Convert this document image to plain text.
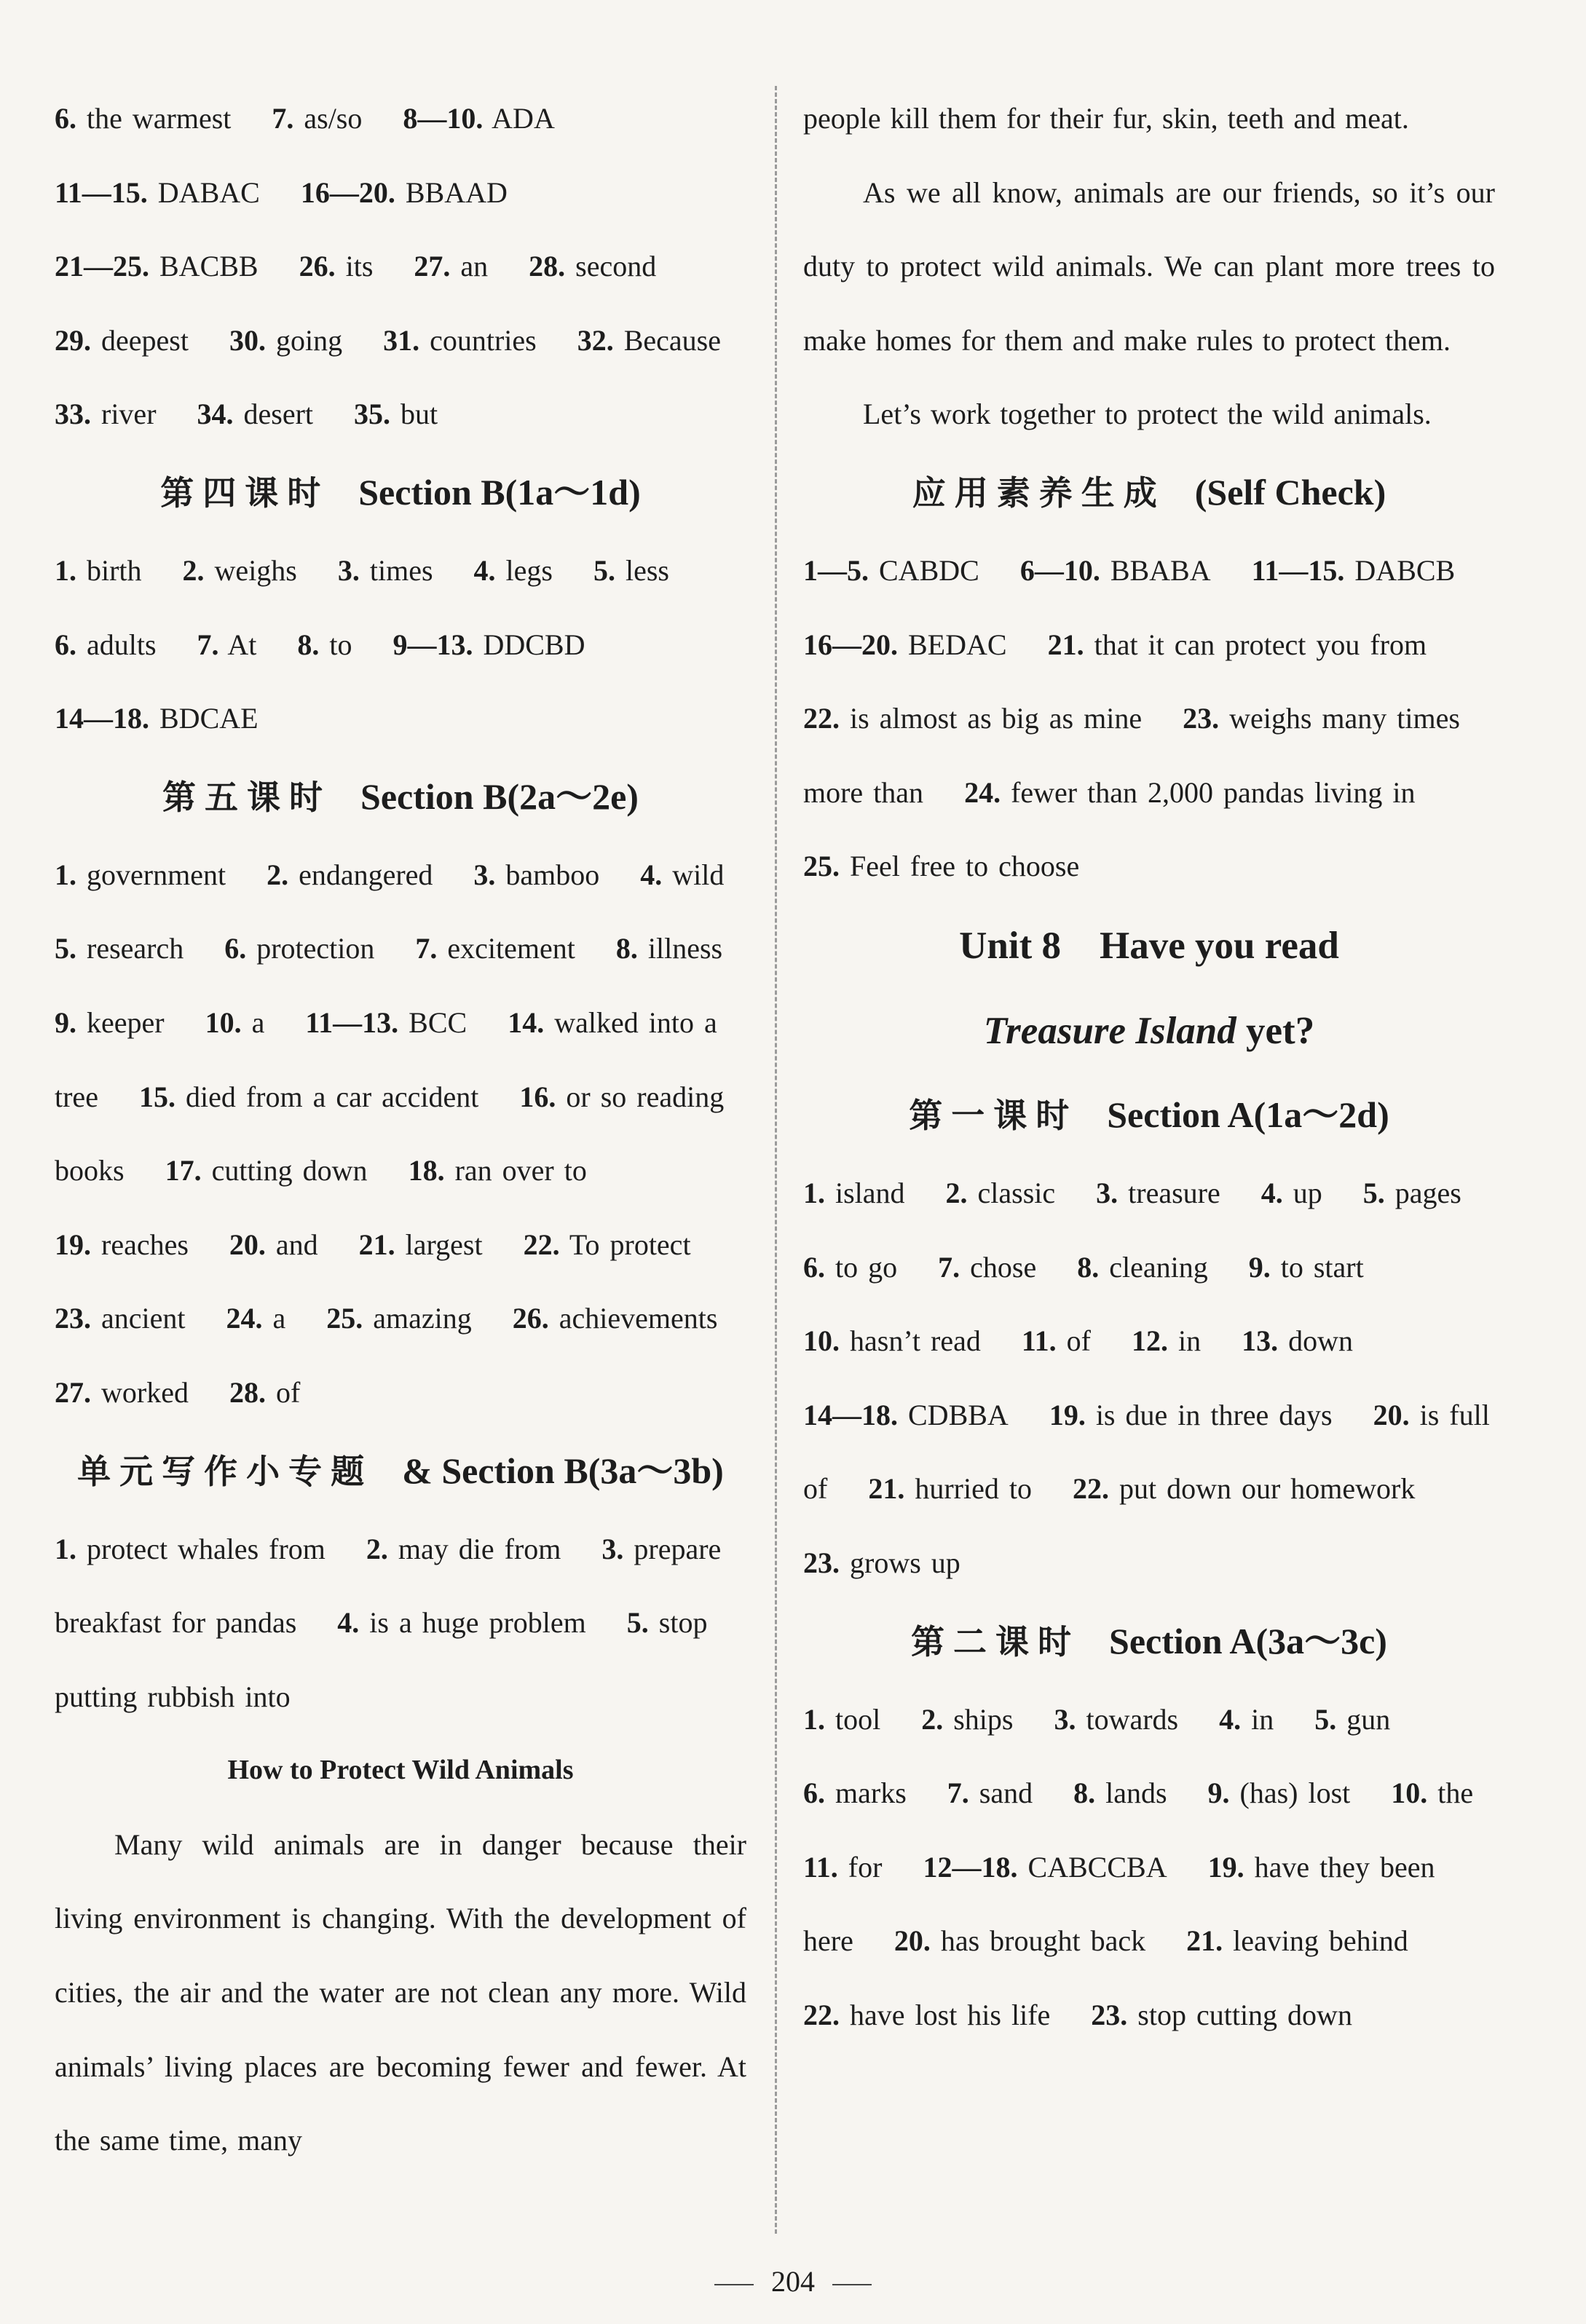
6. the warmest    7. as/so    8—10. ADA
11—15. DABAC    16—20. BBAAD
21—25. BACBB    26. its    27. an    28. second
29. deepest    30. going    31. countries    32. Because
33. river    34. desert    35. but
第四课时 Section B(1a～1d)
1. birth    2. weighs    3. times    4. legs    5. less
6. adults    7. At    8. to    9—13. DDCBD
14—18. BDCAE
第五课时 Section B(2a～2e)
1. government    2. endangered    3. bamboo    4. wild
5. research    6. protection    7. excitement    8. illness
9. keeper    10. a    11—13. BCC    14. walked into a
tree    15. died from a car accident    16. or so reading
books    17. cutting down    18. ran over to
19. reaches    20. and    21. largest    22. To protect
23. ancient    24. a    25. amazing    26. achievements
27. worked    28. of
单元写作小专题 & Section B(3a～3b)
1. protect whales from    2. may die from    3. prepare
breakfast for pandas    4. is a huge problem    5. stop
putting rubbish into
How to Protect Wild Animals
Many wild animals are in danger because their living environment is changing. With the development of cities, the air and the water are not clean any more. Wild animals’ living places are becoming fewer and fewer. At the same time, many
people kill them for their fur, skin, teeth and meat.
As we all know, animals are our friends, so it’s our duty to protect wild animals. We can plant more trees to make homes for them and make rules to protect them.
Let’s work together to protect the wild animals.
应用素养生成 (Self Check)
1—5. CABDC    6—10. BBABA    11—15. DABCB
16—20. BEDAC    21. that it can protect you from
22. is almost as big as mine    23. weighs many times
more than    24. fewer than 2,000 pandas living in
25. Feel free to choose
Unit 8    Have you read
Treasure Island yet?
第一课时 Section A(1a～2d)
1. island    2. classic    3. treasure    4. up    5. pages
6. to go    7. chose    8. cleaning    9. to start
10. hasn’t read    11. of    12. in    13. down
14—18. CDBBA    19. is due in three days    20. is full
of    21. hurried to    22. put down our homework
23. grows up
第二课时 Section A(3a～3c)
1. tool    2. ships    3. towards    4. in    5. gun
6. marks    7. sand    8. lands    9. (has) lost    10. the
11. for    12—18. CABCCBA    19. have they been
here    20. has brought back    21. leaving behind
22. have lost his life    23. stop cutting down
204
